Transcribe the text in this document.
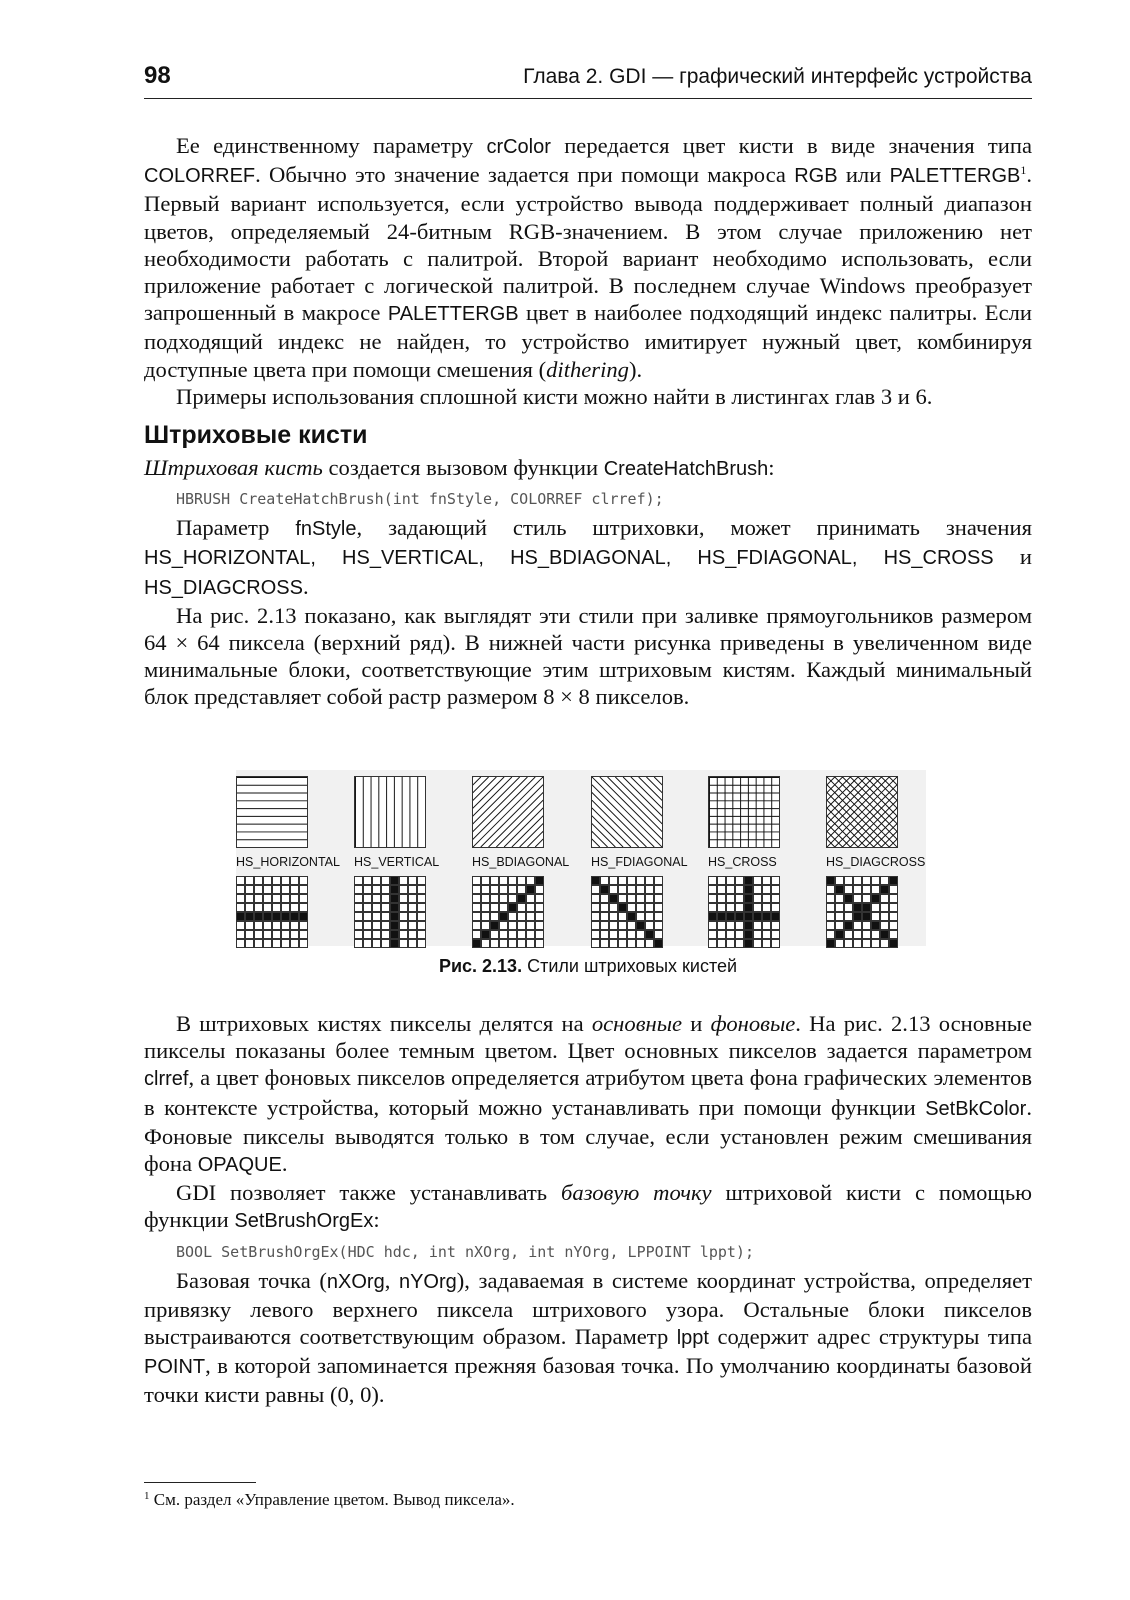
98	Глава 2. GDI — графический интерфейс устройства

Ее единственному параметру crColor передается цвет кисти в виде значения типа COLORREF. Обычно это значение задается при помощи макроса RGB или PALETTERGB$^1$. Первый вариант используется, если устройство вывода поддерживает полный диапазон цветов, определяемый 24-битным RGB-значением. В этом случае приложению нет необходимости работать с палитрой. Второй вариант необходимо использовать, если приложение работает с логической палитрой. В последнем случае Windows преобразует запрошенный в макросе PALETTERGB цвет в наиболее подходящий индекс палитры. Если подходящий индекс не найден, то устройство имитирует нужный цвет, комбинируя доступные цвета при помощи смешения (dithering).

Примеры использования сплошной кисти можно найти в листингах глав 3 и 6.

Штриховые кисти

Штриховая кисть создается вызовом функции CreateHatchBrush:

HBRUSH CreateHatchBrush(int fnStyle, COLORREF clrref);

Параметр fnStyle, задающий стиль штриховки, может принимать значения HS_HORIZONTAL, HS_VERTICAL, HS_BDIAGONAL, HS_FDIAGONAL, HS_CROSS и HS_DIAGCROSS.

На рис. 2.13 показано, как выглядят эти стили при заливке прямоугольников размером 64 × 64 пиксела (верхний ряд). В нижней части рисунка приведены в увеличенном виде минимальные блоки, соответствующие этим штриховым кистям. Каждый минимальный блок представляет собой растр размером 8 × 8 пикселов.

HS_HORIZONTAL HS_VERTICAL	HS_BDIAGONAL HS_FDIAGONAL HS_CROSS	HS_DIAGCROSS
Рис. 2.13. Стили штриховых кистей

В штриховых кистях пикселы делятся на основные и фоновые. На рис. 2.13 основные пикселы показаны более темным цветом. Цвет основных пикселов задается параметром clrref, а цвет фоновых пикселов определяется атрибутом цвета фона графических элементов в контексте устройства, который можно устанавливать при помощи функции SetBkColor. Фоновые пикселы выводятся только в том случае, если установлен режим смешивания фона OPAQUE.

GDI позволяет также устанавливать базовую точку штриховой кисти с помощью функции SetBrushOrgEx:

BOOL SetBrushOrgEx(HDC hdc, int nXOrg, int nYOrg, LPPOINT lppt);

Базовая точка (nXOrg, nYOrg), задаваемая в системе координат устройства, определяет привязку левого верхнего пиксела штрихового узора. Остальные блоки пикселов выстраиваются соответствующим образом. Параметр lppt содержит адрес структуры типа POINT, в которой запоминается прежняя базовая точка. По умолчанию координаты базовой точки кисти равны (0, 0).

$^1$ См. раздел «Управление цветом. Вывод пиксела».
